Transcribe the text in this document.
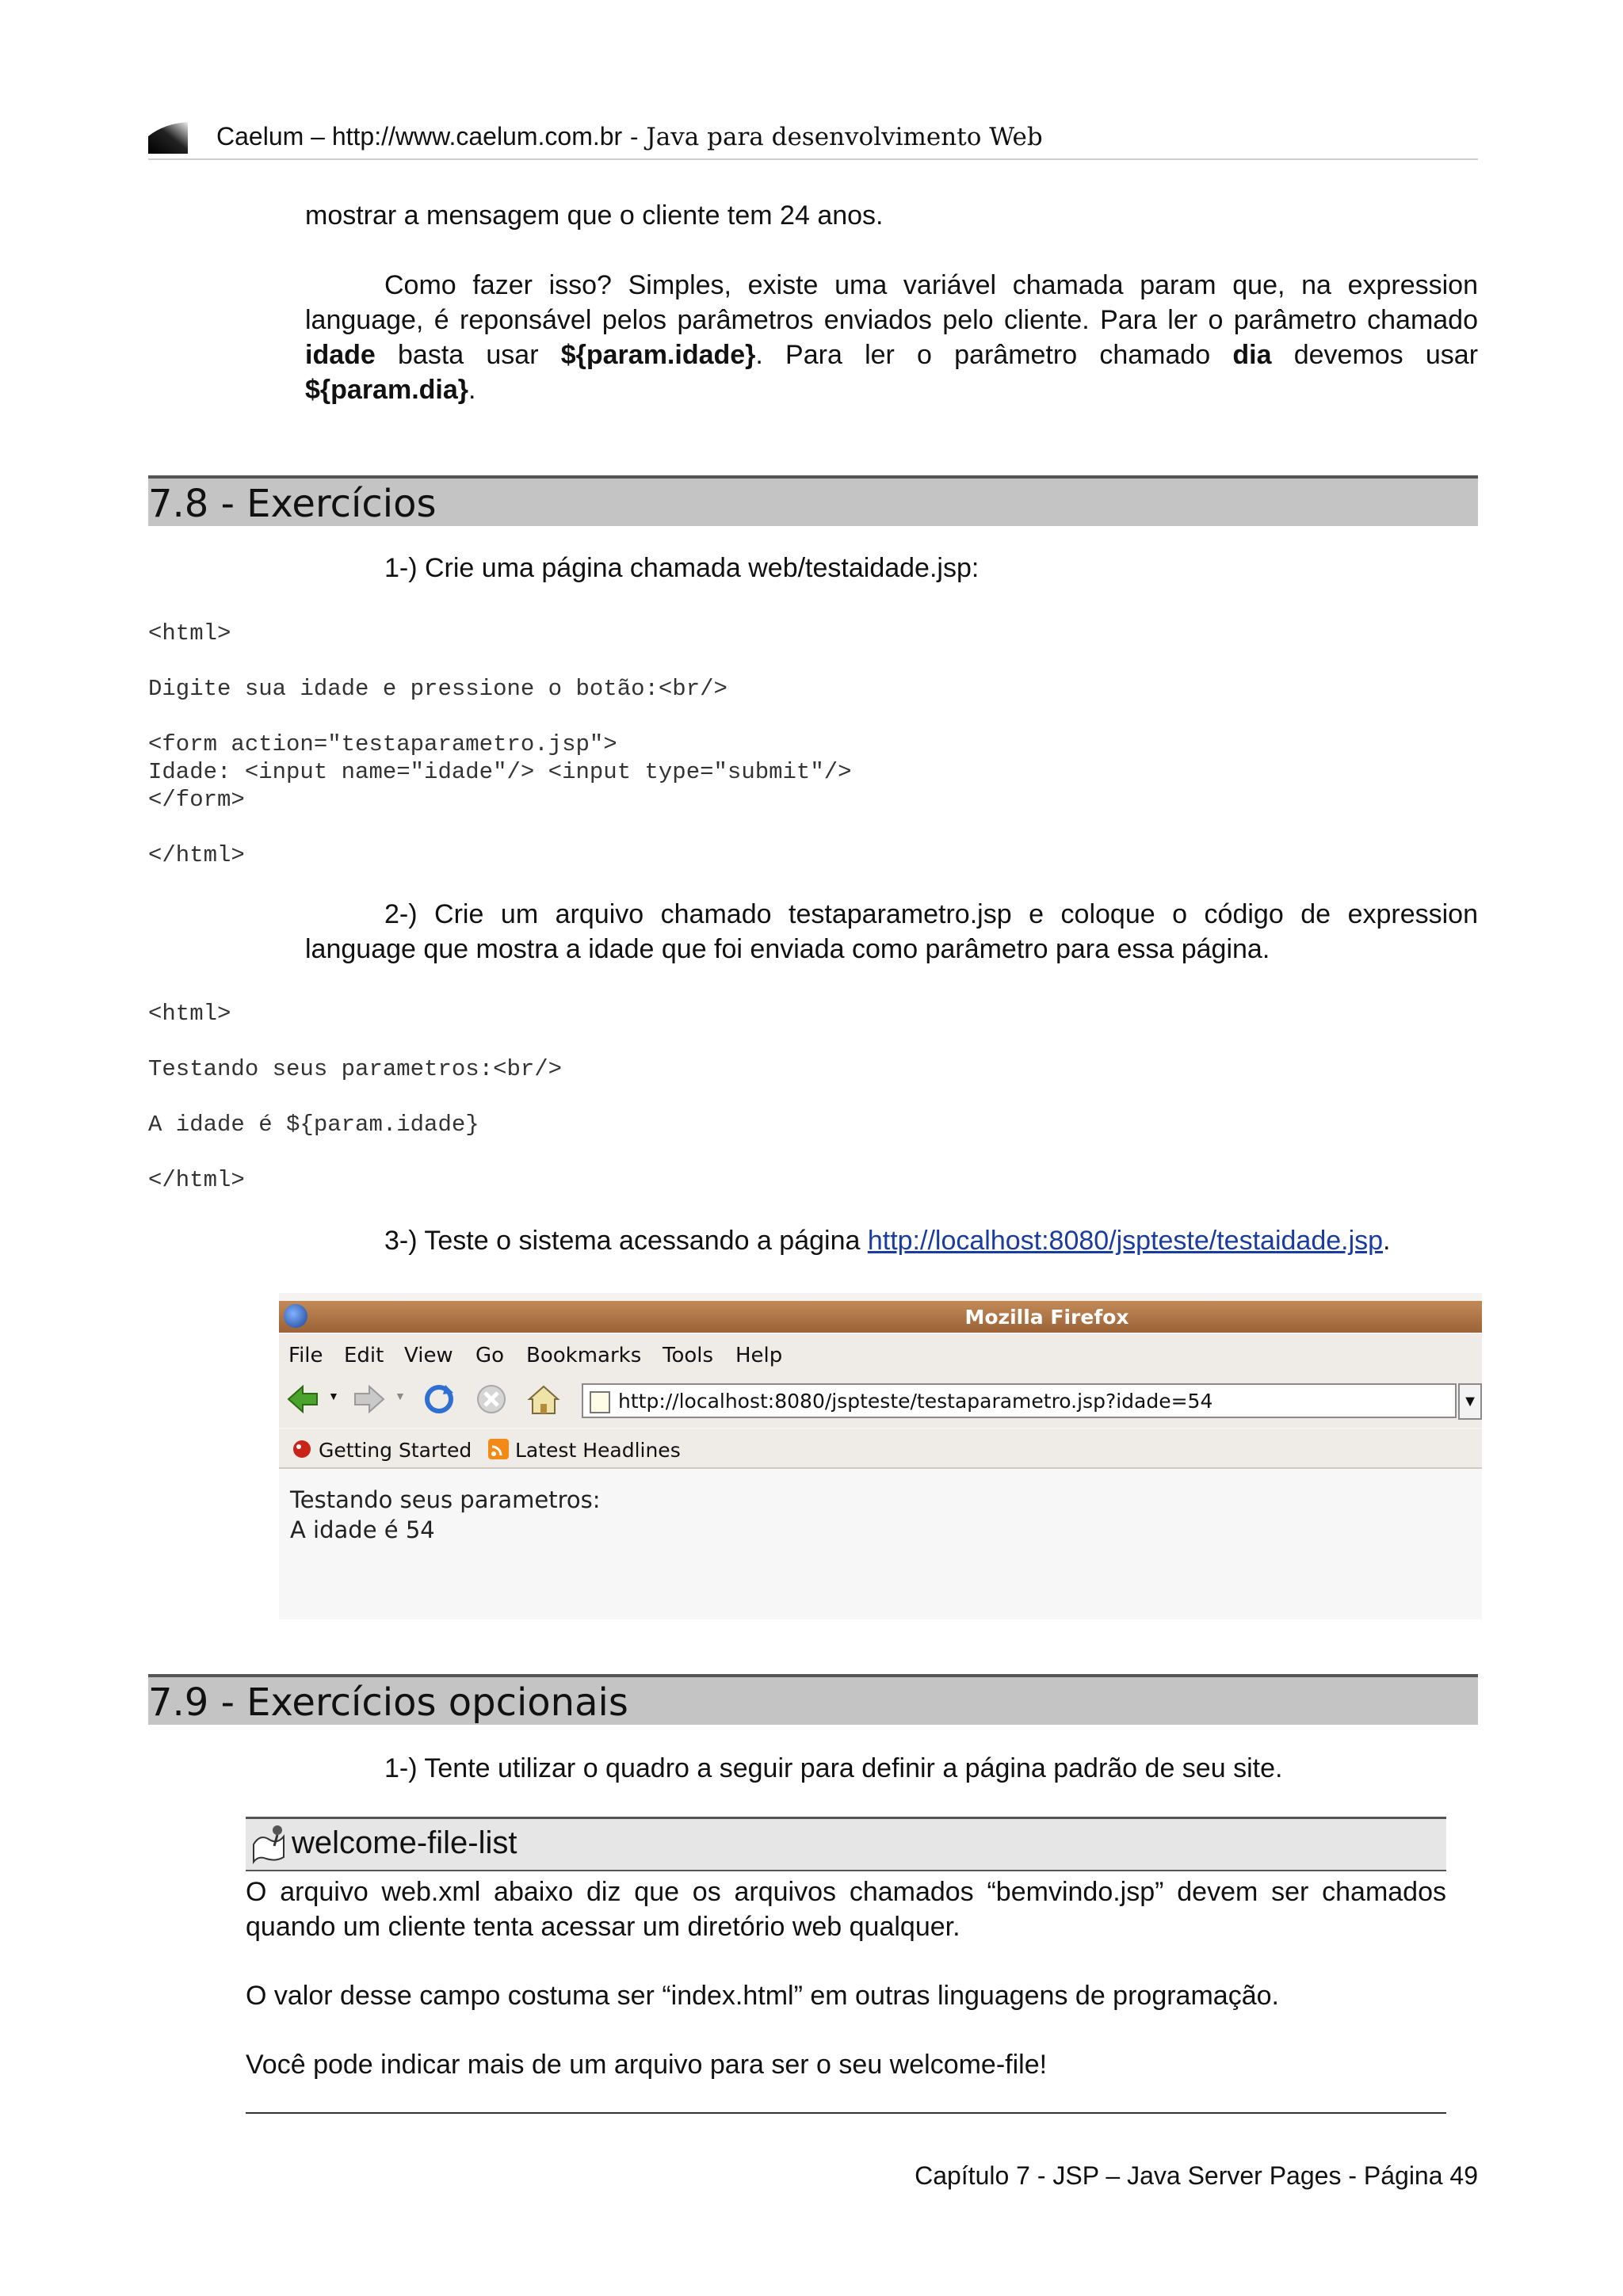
Caelum – http://www.caelum.com.br - Java para desenvolvimento Web
mostrar a mensagem que o cliente tem 24 anos.
Como fazer isso? Simples, existe uma variável chamada param que, na expression language, é reponsável pelos parâmetros enviados pelo cliente. Para ler o parâmetro chamado idade basta usar ${param.idade}. Para ler o parâmetro chamado dia devemos usar ${param.dia}.
7.8 - Exercícios
1-) Crie uma página chamada web/testaidade.jsp:
<html>

Digite sua idade e pressione o botão:<br/>

<form action="testaparametro.jsp">
Idade: <input name="idade"/> <input type="submit"/>
</form>

</html>
2-) Crie um arquivo chamado testaparametro.jsp e coloque o código de expression language que mostra a idade que foi enviada como parâmetro para essa página.
<html>

Testando seus parametros:<br/>

A idade é ${param.idade}

</html>
3-) Teste o sistema acessando a página http://localhost:8080/jspteste/testaidade.jsp.
Mozilla Firefox
File Edit View Go Bookmarks Tools Help
▼	▼	http://localhost:8080/jspteste/testaparametro.jsp?idade=54	▼
Getting Started Latest Headlines
Testando seus parametros:
A idade é 54
7.9 - Exercícios opcionais
1-) Tente utilizar o quadro a seguir para definir a página padrão de seu site.
welcome-file-list
O arquivo web.xml abaixo diz que os arquivos chamados “bemvindo.jsp” devem ser chamados quando um cliente tenta acessar um diretório web qualquer.
O valor desse campo costuma ser “index.html” em outras linguagens de programação.
Você pode indicar mais de um arquivo para ser o seu welcome-file!
Capítulo 7 - JSP – Java Server Pages - Página 49
